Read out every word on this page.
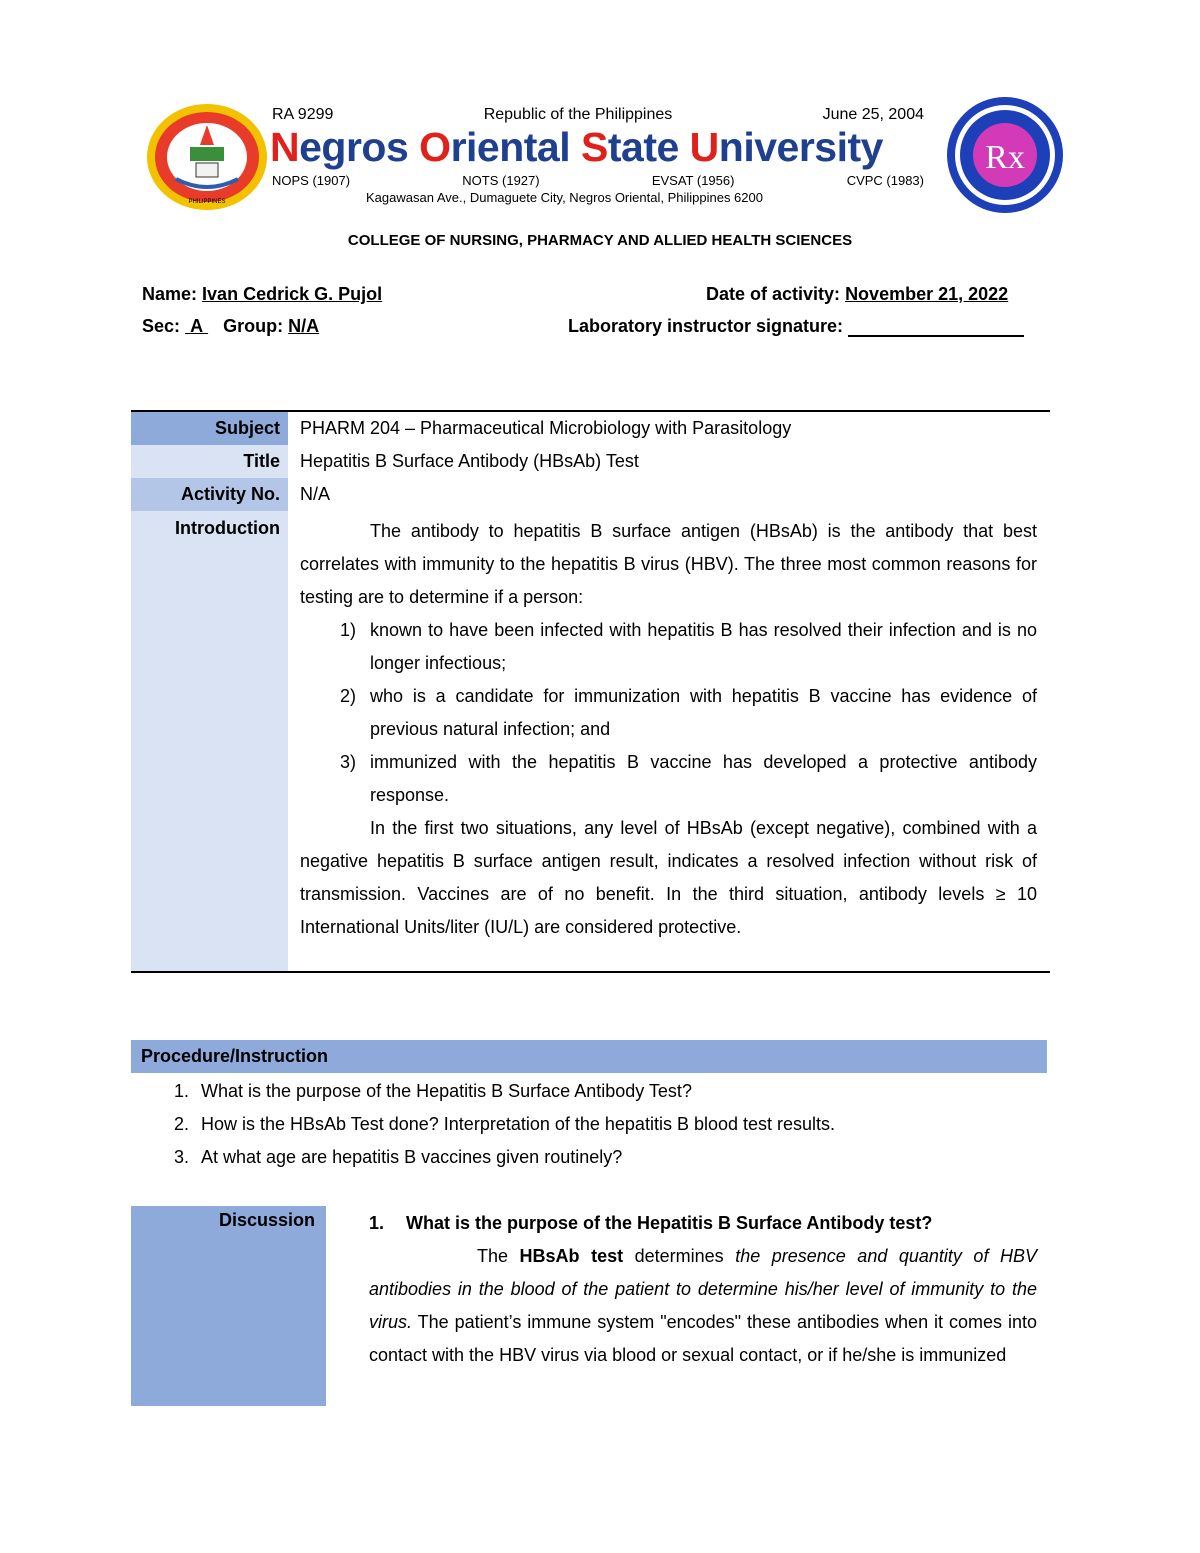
PHILIPPINES
Rx
RA 9299	Republic of the Philippines	June 25, 2004
Negros Oriental State University
NOPS (1907)	NOTS (1927)	EVSAT (1956)	CVPC (1983)
Kagawasan Ave., Dumaguete City, Negros Oriental, Philippines 6200
COLLEGE OF NURSING, PHARMACY AND ALLIED HEALTH SCIENCES
Name: Ivan Cedrick G. Pujol	Date of activity: November 21, 2022
Sec: A Group: N/A	Laboratory instructor signature:
Subject	PHARM 204 – Pharmaceutical Microbiology with Parasitology
Title	Hepatitis B Surface Antibody (HBsAb) Test
Activity No.	N/A
Introduction	The antibody to hepatitis B surface antigen (HBsAb) is the antibody that best correlates with immunity to the hepatitis B virus (HBV). The three most common reasons for testing are to determine if a person:
1) known to have been infected with hepatitis B has resolved their infection and is no longer infectious;
2) who is a candidate for immunization with hepatitis B vaccine has evidence of previous natural infection; and
3) immunized with the hepatitis B vaccine has developed a protective antibody response.
In the first two situations, any level of HBsAb (except negative), combined with a negative hepatitis B surface antigen result, indicates a resolved infection without risk of transmission. Vaccines are of no benefit. In the third situation, antibody levels ≥ 10 International Units/liter (IU/L) are considered protective.
Procedure/Instruction
1. What is the purpose of the Hepatitis B Surface Antibody Test?
2. How is the HBsAb Test done? Interpretation of the hepatitis B blood test results.
3. At what age are hepatitis B vaccines given routinely?
Discussion	1.	What is the purpose of the Hepatitis B Surface Antibody test?
The HBsAb test determines the presence and quantity of HBV antibodies in the blood of the patient to determine his/her level of immunity to the virus. The patient’s immune system "encodes" these antibodies when it comes into contact with the HBV virus via blood or sexual contact, or if he/she is immunized
